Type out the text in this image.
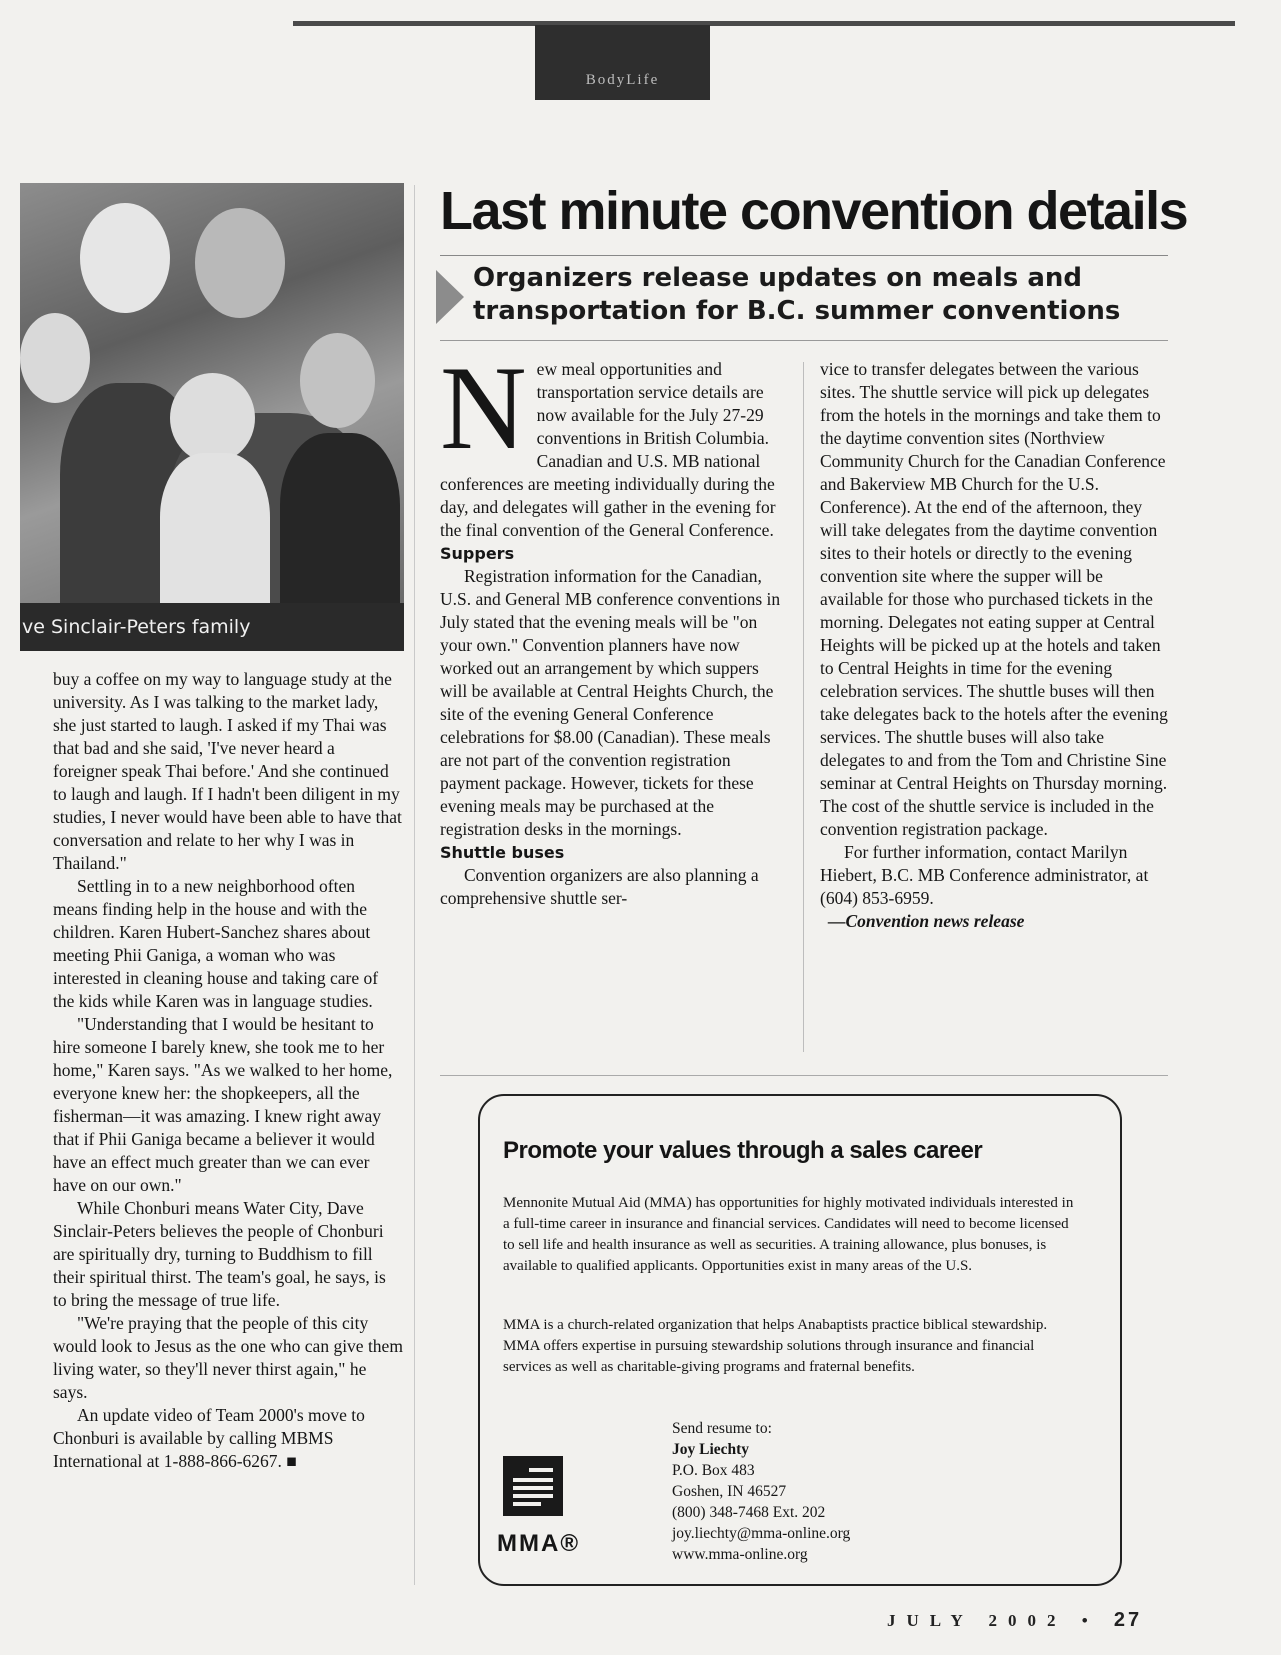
BodyLife
ve Sinclair-Peters family

buy a coffee on my way to language study at the university. As I was talking to the market lady, she just started to laugh. I asked if my Thai was that bad and she said, 'I've never heard a foreigner speak Thai before.' And she continued to laugh and laugh. If I hadn't been diligent in my studies, I never would have been able to have that conversation and relate to her why I was in Thailand."

Settling in to a new neighborhood often means finding help in the house and with the children. Karen Hubert-Sanchez shares about meeting Phii Ganiga, a woman who was interested in cleaning house and taking care of the kids while Karen was in language studies.

"Understanding that I would be hesitant to hire someone I barely knew, she took me to her home," Karen says. "As we walked to her home, everyone knew her: the shopkeepers, all the fisherman—it was amazing. I knew right away that if Phii Ganiga became a believer it would have an effect much greater than we can ever have on our own."

While Chonburi means Water City, Dave Sinclair-Peters believes the people of Chonburi are spiritually dry, turning to Buddhism to fill their spiritual thirst. The team's goal, he says, is to bring the message of true life.

"We're praying that the people of this city would look to Jesus as the one who can give them living water, so they'll never thirst again," he says.

An update video of Team 2000's move to Chonburi is available by calling MBMS International at 1-888-866-6267. ■

Last minute convention details
Organizers release updates on meals and transportation for B.C. summer conventions

New meal opportunities and transportation service details are now available for the July 27-29 conventions in British Columbia. Canadian and U.S. MB national conferences are meeting individually during the day, and delegates will gather in the evening for the final convention of the General Conference.

Suppers

Registration information for the Canadian, U.S. and General MB conference conventions in July stated that the evening meals will be "on your own." Convention planners have now worked out an arrangement by which suppers will be available at Central Heights Church, the site of the evening General Conference celebrations for $8.00 (Canadian). These meals are not part of the convention registration payment package. However, tickets for these evening meals may be purchased at the registration desks in the mornings.

Shuttle buses

Convention organizers are also planning a comprehensive shuttle ser-

vice to transfer delegates between the various sites. The shuttle service will pick up delegates from the hotels in the mornings and take them to the daytime convention sites (Northview Community Church for the Canadian Conference and Bakerview MB Church for the U.S. Conference). At the end of the afternoon, they will take delegates from the daytime convention sites to their hotels or directly to the evening convention site where the supper will be available for those who purchased tickets in the morning. Delegates not eating supper at Central Heights will be picked up at the hotels and taken to Central Heights in time for the evening celebration services. The shuttle buses will then take delegates back to the hotels after the evening services. The shuttle buses will also take delegates to and from the Tom and Christine Sine seminar at Central Heights on Thursday morning. The cost of the shuttle service is included in the convention registration package.

For further information, contact Marilyn Hiebert, B.C. MB Conference administrator, at (604) 853-6959.

—Convention news release

Promote your values through a sales career
Mennonite Mutual Aid (MMA) has opportunities for highly motivated individuals interested in a full-time career in insurance and financial services. Candidates will need to become licensed to sell life and health insurance as well as securities. A training allowance, plus bonuses, is available to qualified applicants. Opportunities exist in many areas of the U.S.
MMA is a church-related organization that helps Anabaptists practice biblical stewardship. MMA offers expertise in pursuing stewardship solutions through insurance and financial services as well as charitable-giving programs and fraternal benefits.
MMA®
Send resume to:
Joy Liechty
P.O. Box 483
Goshen, IN 46527
(800) 348-7468 Ext. 202
joy.liechty@mma-online.org
www.mma-online.org
JULY 2002 • 27
